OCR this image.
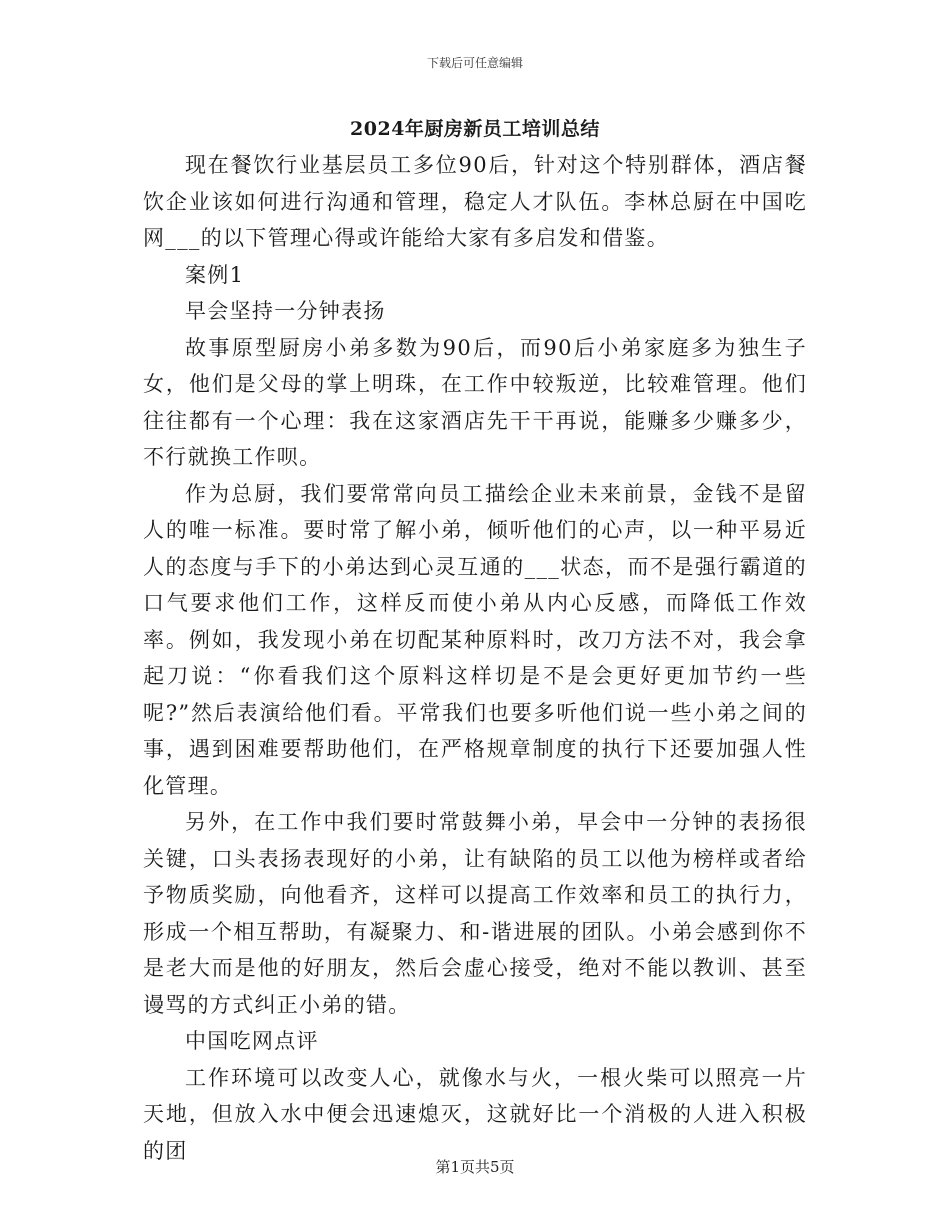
下载后可任意编辑
2024年厨房新员工培训总结

现在餐饮行业基层员工多位90后，针对这个特别群体，酒店餐饮企业该如何进行沟通和管理，稳定人才队伍。李林总厨在中国吃网___的以下管理心得或许能给大家有多启发和借鉴。

案例1

早会坚持一分钟表扬

故事原型厨房小弟多数为90后，而90后小弟家庭多为独生子女，他们是父母的掌上明珠，在工作中较叛逆，比较难管理。他们往往都有一个心理：我在这家酒店先干干再说，能赚多少赚多少，不行就换工作呗。

作为总厨，我们要常常向员工描绘企业未来前景，金钱不是留人的唯一标准。要时常了解小弟，倾听他们的心声，以一种平易近人的态度与手下的小弟达到心灵互通的___状态，而不是强行霸道的口气要求他们工作，这样反而使小弟从内心反感，而降低工作效率。例如，我发现小弟在切配某种原料时，改刀方法不对，我会拿起刀说：“你看我们这个原料这样切是不是会更好更加节约一些呢?”然后表演给他们看。平常我们也要多听他们说一些小弟之间的事，遇到困难要帮助他们，在严格规章制度的执行下还要加强人性化管理。

另外，在工作中我们要时常鼓舞小弟，早会中一分钟的表扬很关键，口头表扬表现好的小弟，让有缺陷的员工以他为榜样或者给予物质奖励，向他看齐，这样可以提高工作效率和员工的执行力，形成一个相互帮助，有凝聚力、和-谐进展的团队。小弟会感到你不是老大而是他的好朋友，然后会虚心接受，绝对不能以教训、甚至谩骂的方式纠正小弟的错。

中国吃网点评

工作环境可以改变人心，就像水与火，一根火柴可以照亮一片天地，但放入水中便会迅速熄灭，这就好比一个消极的人进入积极的团

第1页共5页
